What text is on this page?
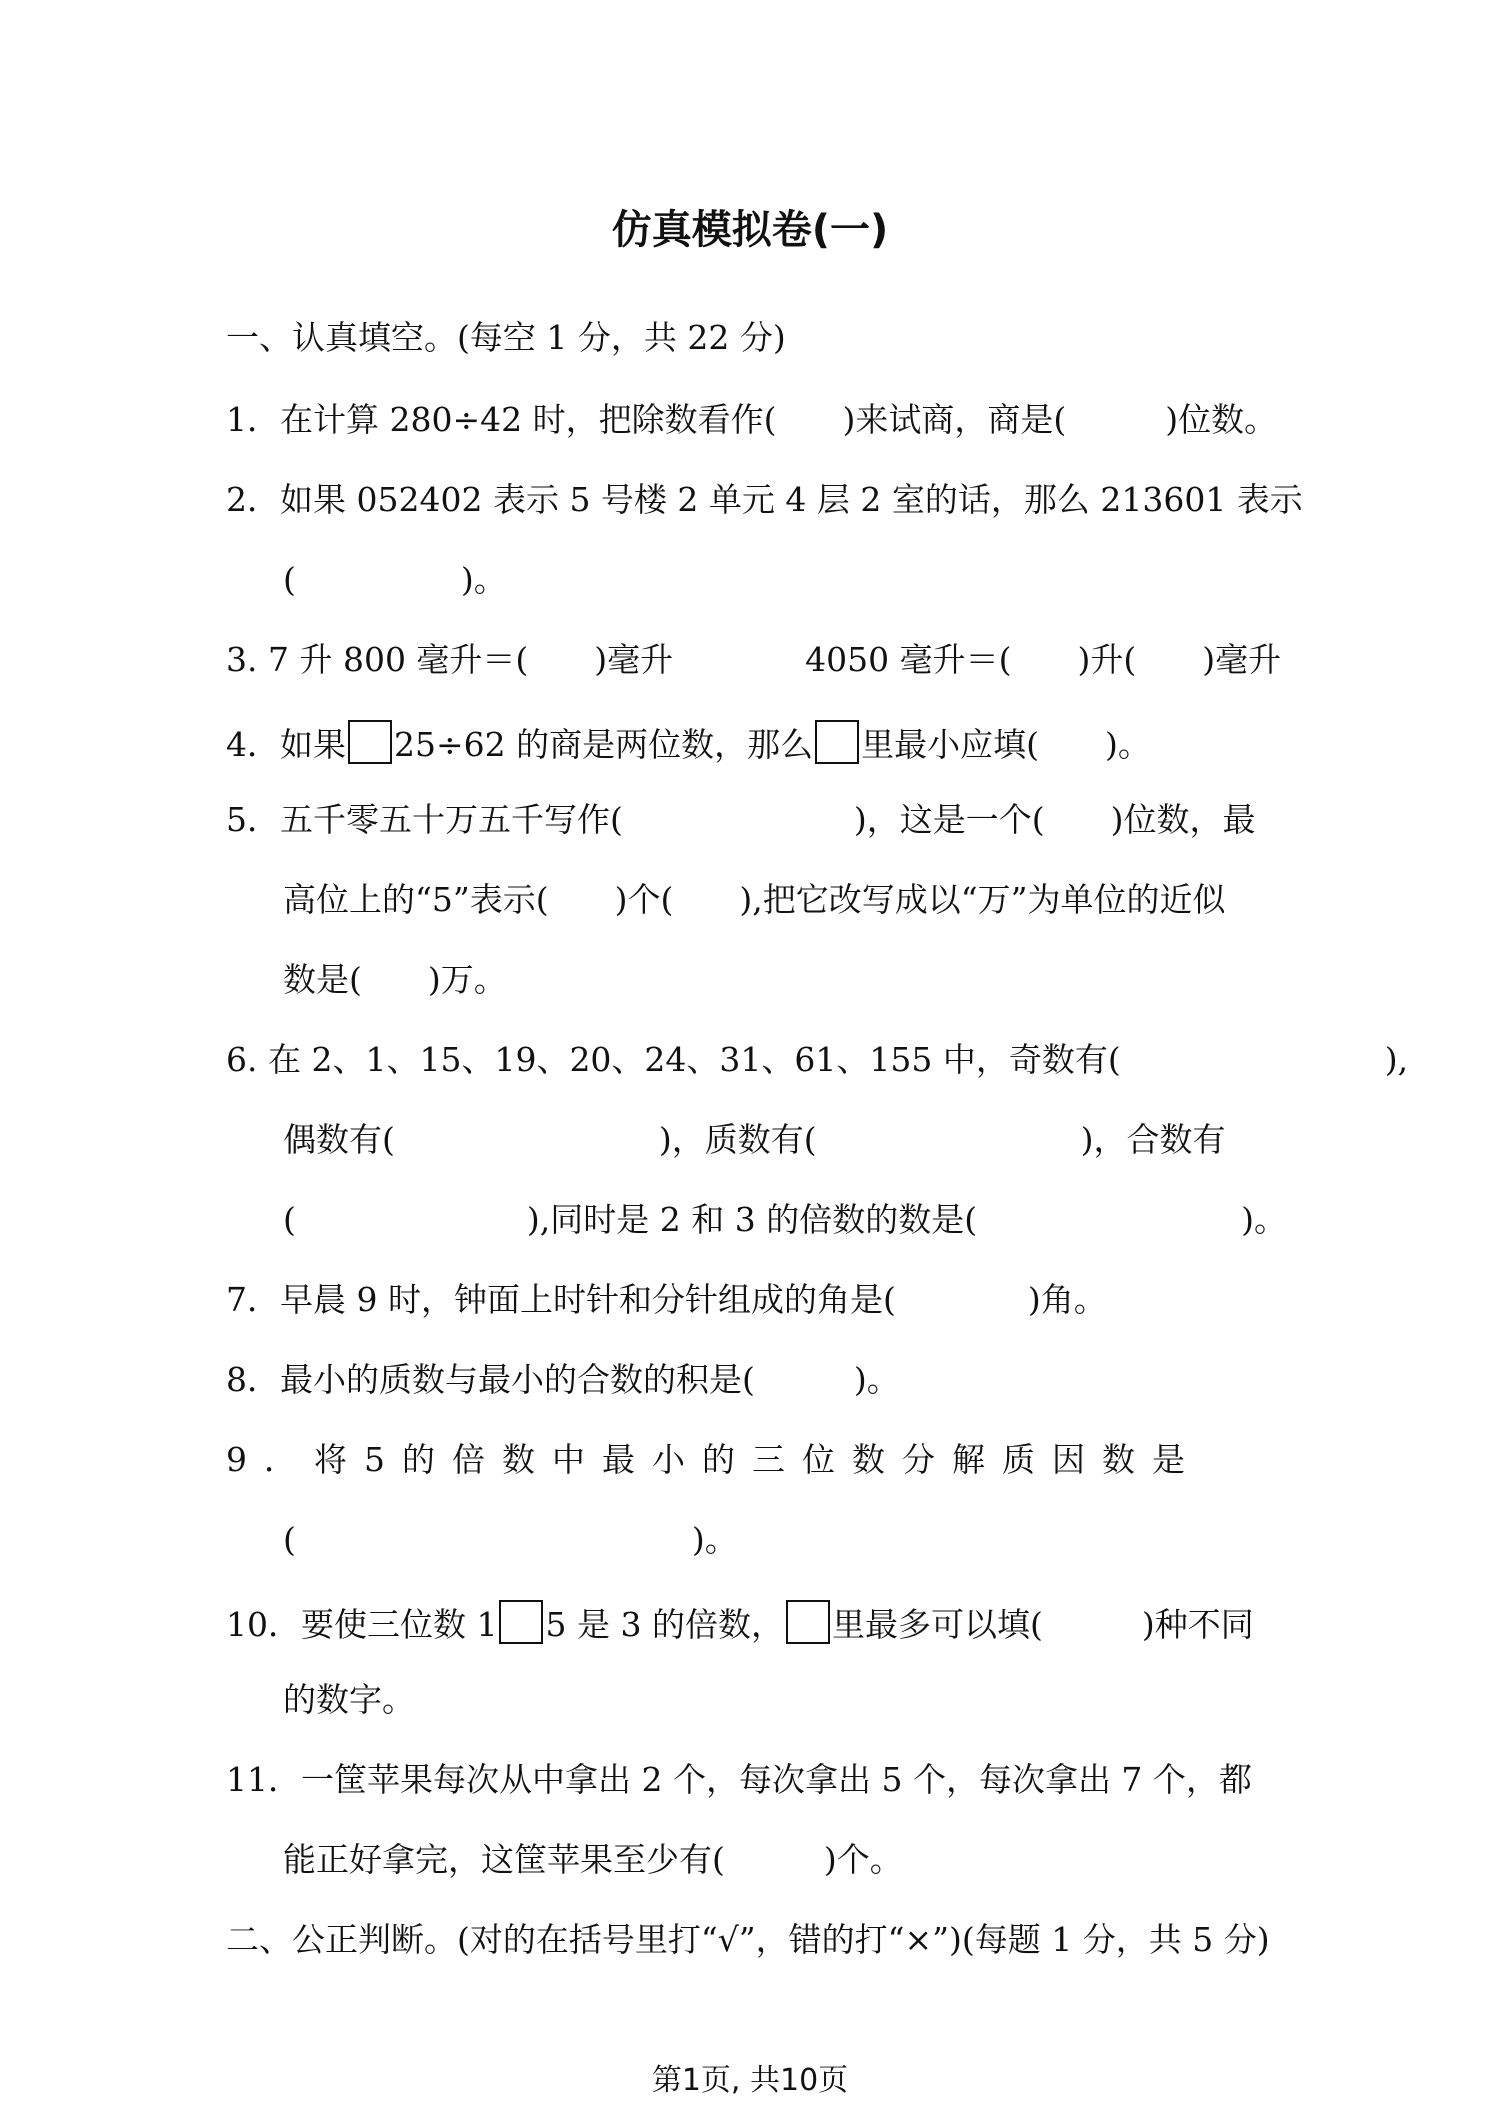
仿真模拟卷(一)
一、认真填空。(每空 1 分，共 22 分)
1．在计算 280÷42 时，把除数看作(　　)来试商，商是(　　　)位数。
2．如果 052402 表示 5 号楼 2 单元 4 层 2 室的话，那么 213601 表示
(　　　　　)。
3. 7 升 800 毫升＝(　　)毫升　　　　4050 毫升＝(　　)升(　　)毫升
4．如果 25÷62 的商是两位数，那么 里最小应填(　　)。
5．五千零五十万五千写作(　　　　　　　)，这是一个(　　)位数，最
高位上的“5”表示(　　)个(　　),把它改写成以“万”为单位的近似
数是(　　)万。
6. 在 2、1、15、19、20、24、31、61、155 中，奇数有(　　　　　　　　),
偶数有(　　　　　　　　)，质数有(　　　　　　　　)，合数有
(　　　　　　　),同时是 2 和 3 的倍数的数是(　　　　　　　　)。
7．早晨 9 时，钟面上时针和分针组成的角是(　　　　)角。
8．最小的质数与最小的合数的积是(　　　)。
9．将5的倍数中最小的三位数分解质因数是
(　　　　　　　　　　　　)。
10．要使三位数 1 5 是 3 的倍数， 里最多可以填(　　　)种不同
的数字。
11．一筐苹果每次从中拿出 2 个，每次拿出 5 个，每次拿出 7 个，都
能正好拿完，这筐苹果至少有(　　　)个。
二、公正判断。(对的在括号里打“√”，错的打“×”)(每题 1 分，共 5 分)
第1页, 共10页
